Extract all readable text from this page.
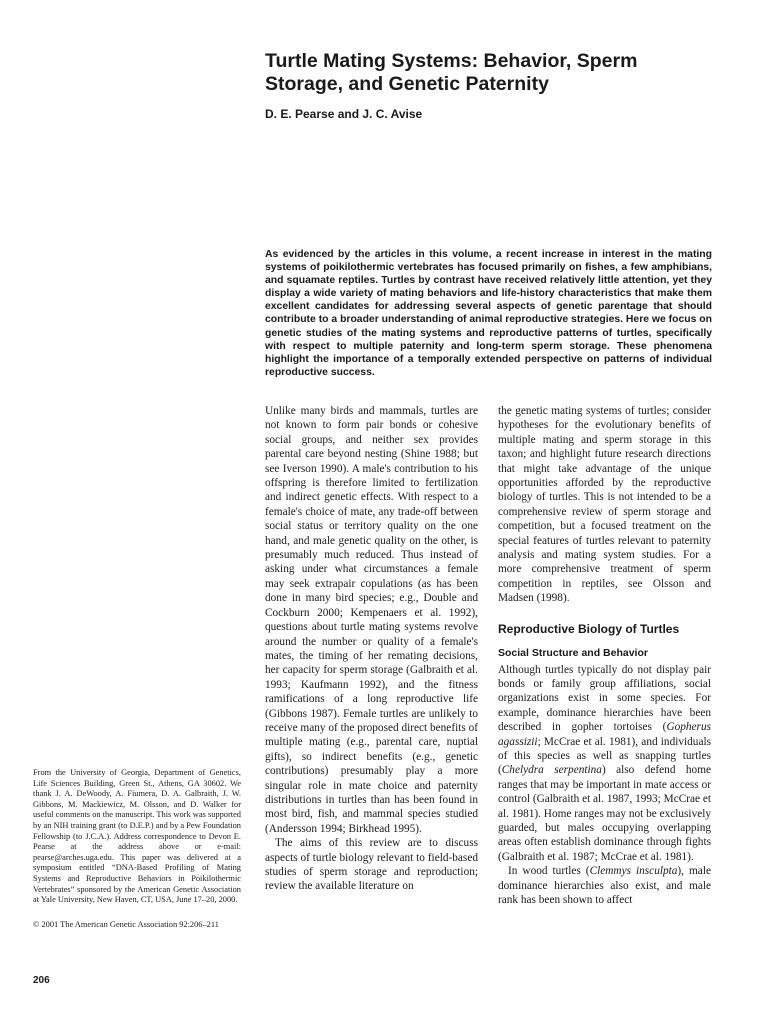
Turtle Mating Systems: Behavior, Sperm Storage, and Genetic Paternity

D. E. Pearse and J. C. Avise

As evidenced by the articles in this volume, a recent increase in interest in the mating systems of poikilothermic vertebrates has focused primarily on fishes, a few amphibians, and squamate reptiles. Turtles by contrast have received relatively little attention, yet they display a wide variety of mating behaviors and life-history characteristics that make them excellent candidates for addressing several aspects of genetic parentage that should contribute to a broader understanding of animal reproductive strategies. Here we focus on genetic studies of the mating systems and reproductive patterns of turtles, specifically with respect to multiple paternity and long-term sperm storage. These phenomena highlight the importance of a temporally extended perspective on patterns of individual reproductive success.

Unlike many birds and mammals, turtles are not known to form pair bonds or cohesive social groups, and neither sex provides parental care beyond nesting (Shine 1988; but see Iverson 1990). A male's contribution to his offspring is therefore limited to fertilization and indirect genetic effects. With respect to a female's choice of mate, any trade-off between social status or territory quality on the one hand, and male genetic quality on the other, is presumably much reduced. Thus instead of asking under what circumstances a female may seek extrapair copulations (as has been done in many bird species; e.g., Double and Cockburn 2000; Kempenaers et al. 1992), questions about turtle mating systems revolve around the number or quality of a female's mates, the timing of her remating decisions, her capacity for sperm storage (Galbraith et al. 1993; Kaufmann 1992), and the fitness ramifications of a long reproductive life (Gibbons 1987). Female turtles are unlikely to receive many of the proposed direct benefits of multiple mating (e.g., parental care, nuptial gifts), so indirect benefits (e.g., genetic contributions) presumably play a more singular role in mate choice and paternity distributions in turtles than has been found in most bird, fish, and mammal species studied (Andersson 1994; Birkhead 1995).

The aims of this review are to discuss aspects of turtle biology relevant to field-based studies of sperm storage and reproduction; review the available literature on

the genetic mating systems of turtles; consider hypotheses for the evolutionary benefits of multiple mating and sperm storage in this taxon; and highlight future research directions that might take advantage of the unique opportunities afforded by the reproductive biology of turtles. This is not intended to be a comprehensive review of sperm storage and competition, but a focused treatment on the special features of turtles relevant to paternity analysis and mating system studies. For a more comprehensive treatment of sperm competition in reptiles, see Olsson and Madsen (1998).

Reproductive Biology of Turtles
Social Structure and Behavior

Although turtles typically do not display pair bonds or family group affiliations, social organizations exist in some species. For example, dominance hierarchies have been described in gopher tortoises (Gopherus agassizii; McCrae et al. 1981), and individuals of this species as well as snapping turtles (Chelydra serpentina) also defend home ranges that may be important in mate access or control (Galbraith et al. 1987, 1993; McCrae et al. 1981). Home ranges may not be exclusively guarded, but males occupying overlapping areas often establish dominance through fights (Galbraith et al. 1987; McCrae et al. 1981).

In wood turtles (Clemmys insculpta), male dominance hierarchies also exist, and male rank has been shown to affect

From the University of Georgia, Department of Genetics, Life Sciences Building, Green St., Athens, GA 30602. We thank J. A. DeWoody, A. Fiumera, D. A. Galbraith, J. W. Gibbons, M. Mackiewicz, M. Olsson, and D. Walker for useful comments on the manuscript. This work was supported by an NIH training grant (to D.E.P.) and by a Pew Foundation Fellowship (to J.C.A.). Address correspondence to Devon E. Pearse at the address above or e-mail: pearse@arches.uga.edu. This paper was delivered at a symposium entitled “DNA-Based Profiling of Mating Systems and Reproductive Behaviors in Poikilothermic Vertebrates” sponsored by the American Genetic Association at Yale University, New Haven, CT, USA, June 17–20, 2000.

© 2001 The American Genetic Association 92:206–211

206
